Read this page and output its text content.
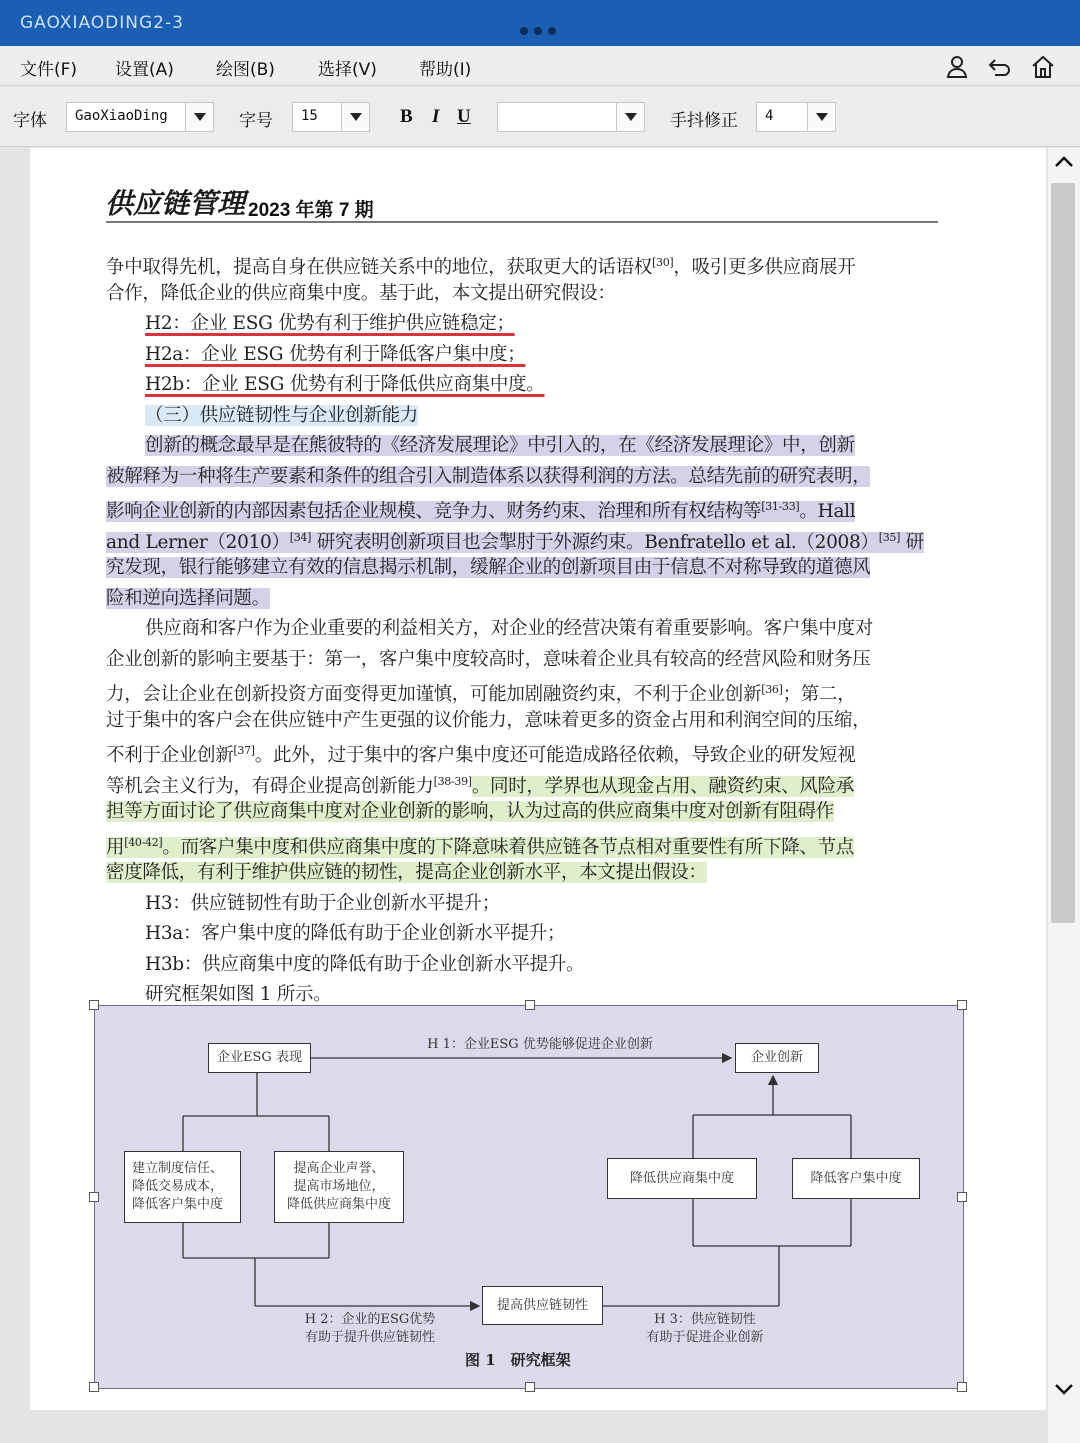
GAOXIAODING2-3
文件(F) 设置(A) 绘图(B)	选择(V) 帮助(I)
字体 GaoXiaoDing	字号 15	B I U	手抖修正 4
供应链管理 2023 年第 7 期
争中取得先机，提高自身在供应链关系中的地位，获取更大的话语权[30]，吸引更多供应商展开
合作，降低企业的供应商集中度。基于此，本文提出研究假设：
H2：企业 ESG 优势有利于维护供应链稳定；
H2a：企业 ESG 优势有利于降低客户集中度；
H2b：企业 ESG 优势有利于降低供应商集中度。
（三）供应链韧性与企业创新能力
创新的概念最早是在熊彼特的《经济发展理论》中引入的，在《经济发展理论》中，创新
被解释为一种将生产要素和条件的组合引入制造体系以获得利润的方法。总结先前的研究表明，
影响企业创新的内部因素包括企业规模、竞争力、财务约束、治理和所有权结构等[31-33]。Hall
and Lerner（2010）[34] 研究表明创新项目也会掣肘于外源约束。Benfratello et al.（2008）[35] 研
究发现，银行能够建立有效的信息揭示机制，缓解企业的创新项目由于信息不对称导致的道德风
险和逆向选择问题。
供应商和客户作为企业重要的利益相关方，对企业的经营决策有着重要影响。客户集中度对
企业创新的影响主要基于：第一，客户集中度较高时，意味着企业具有较高的经营风险和财务压
力，会让企业在创新投资方面变得更加谨慎，可能加剧融资约束，不利于企业创新[36]；第二，
过于集中的客户会在供应链中产生更强的议价能力，意味着更多的资金占用和利润空间的压缩，
不利于企业创新[37]。此外，过于集中的客户集中度还可能造成路径依赖，导致企业的研发短视
等机会主义行为，有碍企业提高创新能力[38-39]。同时，学界也从现金占用、融资约束、风险承
担等方面讨论了供应商集中度对企业创新的影响，认为过高的供应商集中度对创新有阻碍作
用[40-42]。而客户集中度和供应商集中度的下降意味着供应链各节点相对重要性有所下降、节点
密度降低，有利于维护供应链的韧性，提高企业创新水平，本文提出假设：
H3：供应链韧性有助于企业创新水平提升；
H3a：客户集中度的降低有助于企业创新水平提升；
H3b：供应商集中度的降低有助于企业创新水平提升。
研究框架如图 1 所示。
企业ESG 表现	企业创新
H 1：企业ESG 优势能够促进企业创新
建立制度信任、
降低交易成本，
降低客户集中度
提高企业声誉、
提高市场地位，
降低供应商集中度
降低供应商集中度	降低客户集中度
提高供应链韧性
H 2：企业的ESG优势
有助于提升供应链韧性
H 3：供应链韧性
有助于促进企业创新
图 1　研究框架
